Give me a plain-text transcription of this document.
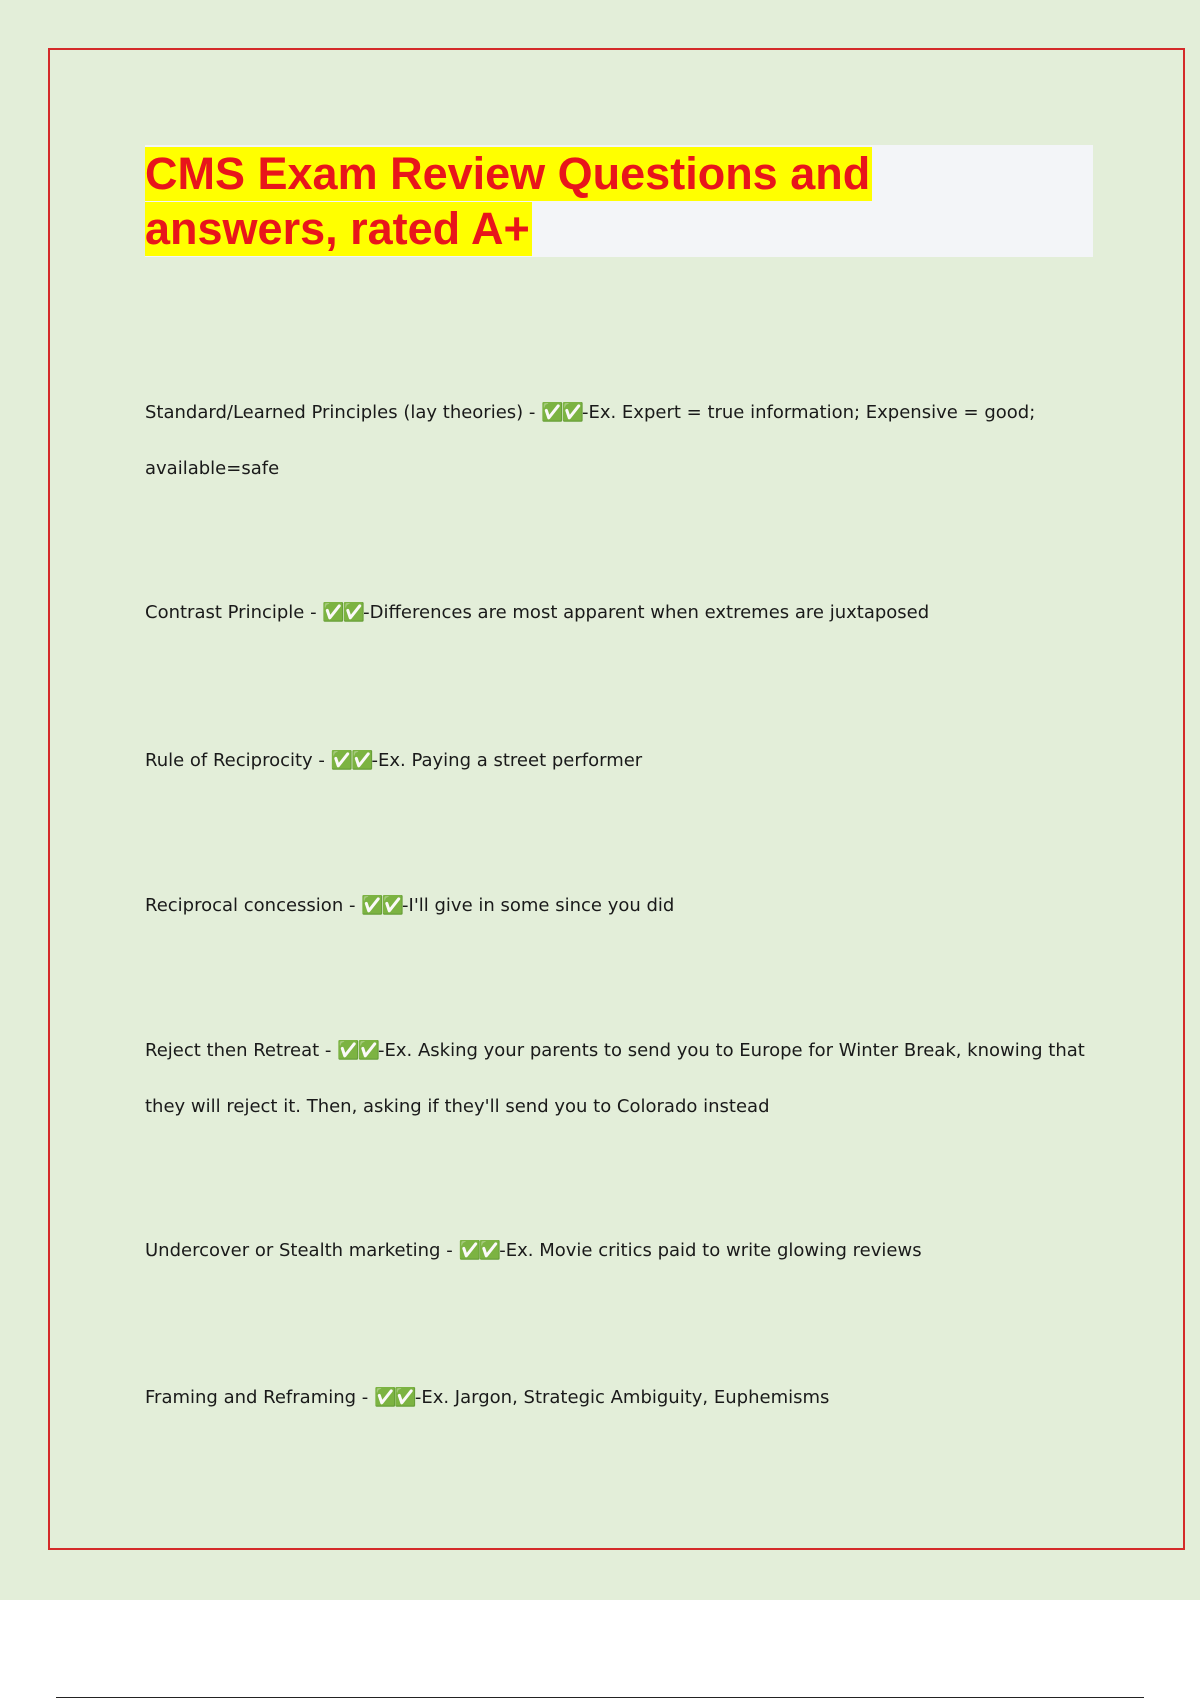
CMS Exam Review Questions and
answers, rated A+
Standard/Learned Principles (lay theories) - ✅✅-Ex. Expert = true information; Expensive = good; available=safe
Contrast Principle - ✅✅-Differences are most apparent when extremes are juxtaposed
Rule of Reciprocity - ✅✅-Ex. Paying a street performer
Reciprocal concession - ✅✅-I'll give in some since you did
Reject then Retreat - ✅✅-Ex. Asking your parents to send you to Europe for Winter Break, knowing that they will reject it. Then, asking if they'll send you to Colorado instead
Undercover or Stealth marketing - ✅✅-Ex. Movie critics paid to write glowing reviews
Framing and Reframing - ✅✅-Ex. Jargon, Strategic Ambiguity, Euphemisms
